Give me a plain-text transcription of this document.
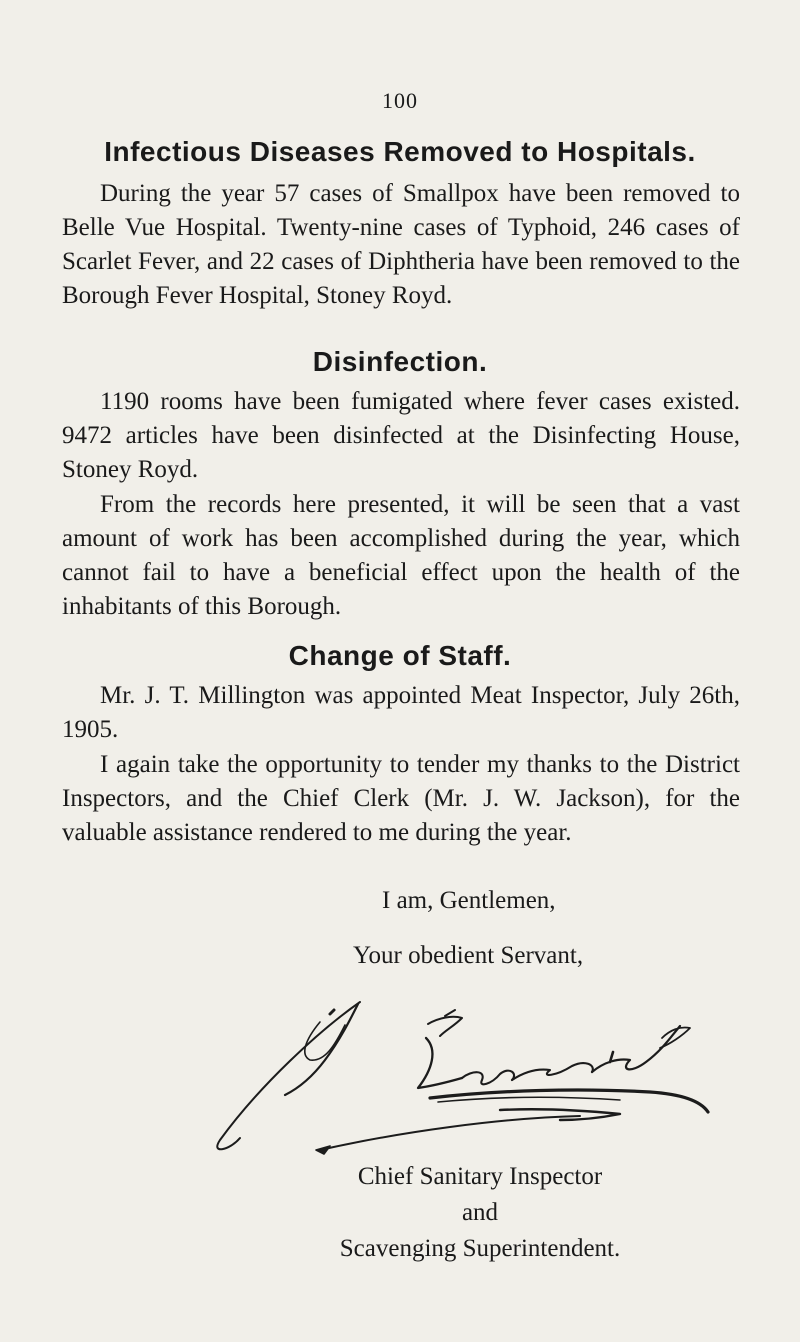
100
Infectious Diseases Removed to Hospitals.

During the year 57 cases of Smallpox have been removed to Belle Vue Hospital. Twenty-nine cases of Typhoid, 246 cases of Scarlet Fever, and 22 cases of Diphtheria have been removed to the Borough Fever Hospital, Stoney Royd.

Disinfection.

1190 rooms have been fumigated where fever cases existed. 9472 articles have been disinfected at the Disinfecting House, Stoney Royd.

From the records here presented, it will be seen that a vast amount of work has been accomplished during the year, which cannot fail to have a beneficial effect upon the health of the inhabitants of this Borough.

Change of Staff.

Mr. J. T. Millington was appointed Meat Inspector, July 26th, 1905.

I again take the opportunity to tender my thanks to the District Inspectors, and the Chief Clerk (Mr. J. W. Jackson), for the valuable assistance rendered to me during the year.

I am, Gentlemen,
Your obedient Servant,
Chief Sanitary Inspector
and
Scavenging Superintendent.
